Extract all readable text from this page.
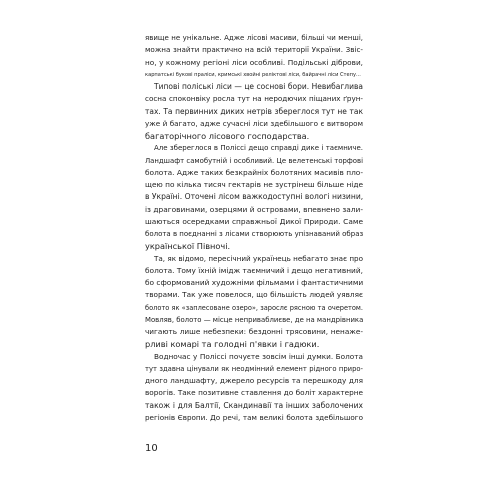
явище не унікальне. Адже лісові масиви, більші чи менші,
можна знайти практично на всій території України. Звіс-
но, у кожному регіоні ліси особливі. Подільські діброви,
карпатські букові праліси, кримські хвойні реліктові ліси, байрачні ліси Степу...
Типові поліські ліси — це соснові бори. Невибаглива
сосна споконвіку росла тут на неродючих піщаних ґрун-
тах. Та первинних диких нетрів збереглося тут не так
уже й багато, адже сучасні ліси здебільшого є витвором
багаторічного лісового господарства.
Але збереглося в Поліссі дещо справді дике і таємниче.
Ландшафт самобутній і особливий. Це велетенські торфові
болота. Адже таких безкрайніх болотяних масивів пло-
щею по кілька тисяч гектарів не зустрінеш більше ніде
в Україні. Оточені лісом важкодоступні вологі низини,
із драговинами, озерцями й островами, впевнено зали-
шаються осередками справжньої Дикої Природи. Саме
болота в поєднанні з лісами створюють упізнаваний образ
української Півночі.
Та, як відомо, пересічний українець небагато знає про
болота. Тому їхній імідж таємничий і дещо негативний,
бо сформований художніми фільмами і фантастичними
творами. Так уже повелося, що більшість людей уявляє
болото як «заплесоване озеро», зарослє рясною та очеретом.
Мовляв, болото — місце неприваблиєве, де на мандрівника
чигають лише небезпеки: бездонні трясовини, ненаже-
рливі комарі та голодні п'явки і гадюки.
Водночас у Поліссі почуєте зовсім інші думки. Болота
тут здавна цінували як неодмінний елемент рідного приро-
дного ландшафту, джерело ресурсів та перешкоду для
ворогів. Таке позитивне ставлення до боліт характерне
також і для Балтії, Скандинавії та інших заболочених
регіонів Європи. До речі, там великі болота здебільшого
10
